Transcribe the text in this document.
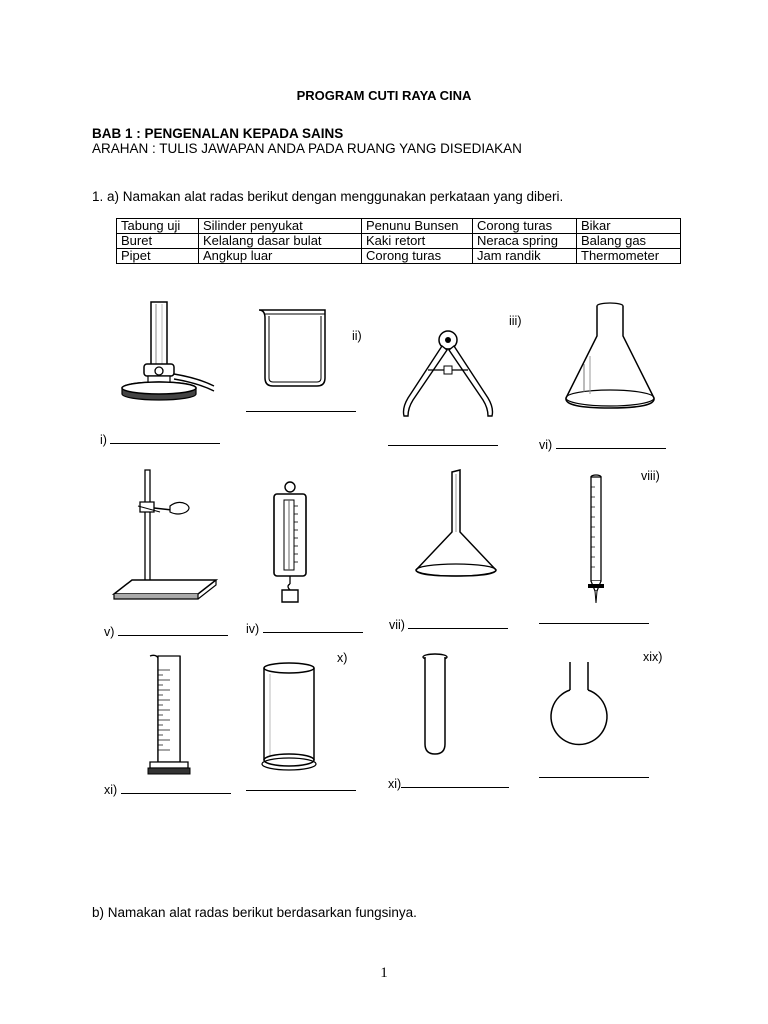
PROGRAM CUTI RAYA CINA
BAB 1 : PENGENALAN KEPADA SAINS
ARAHAN : TULIS JAWAPAN ANDA PADA RUANG YANG DISEDIAKAN
1. a) Namakan alat radas berikut dengan menggunakan perkataan yang diberi.
Tabung uji	Silinder penyukat	Penunu Bunsen	Corong turas	Bikar
Buret	Kelalang dasar bulat	Kaki retort	Neraca spring	Balang gas
Pipet	Angkup luar	Corong turas	Jam randik	Thermometer
ii)
iii)
i)	vi)
viii)
v)	iv)	vii)
x)	xix)
xi)	xi)
b) Namakan alat radas berikut berdasarkan fungsinya.
1
